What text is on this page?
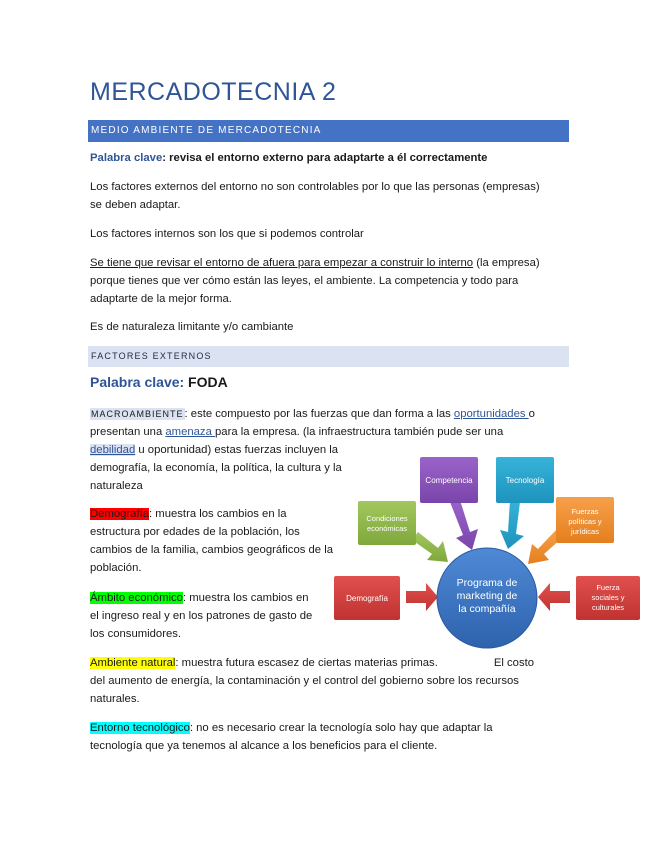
MERCADOTECNIA 2
MEDIO AMBIENTE DE MERCADOTECNIA

Palabra clave: revisa el entorno externo para adaptarte a él correctamente

Los factores externos del entorno no son controlables por lo que las personas (empresas)
se deben adaptar.

Los factores internos son los que si podemos controlar

Se tiene que revisar el entorno de afuera para empezar a construir lo interno (la empresa)
porque tienes que ver cómo están las leyes, el ambiente. La competencia y todo para
adaptarte de la mejor forma.

Es de naturaleza limitante y/o cambiante

FACTORES EXTERNOS
Palabra clave: FODA

MACROAMBIENTE: este compuesto por las fuerzas que dan forma a las oportunidades o
presentan una amenaza para la empresa. (la infraestructura también pude ser una
debilidad u oportunidad) estas fuerzas incluyen la
demografía, la economía, la política, la cultura y la
naturaleza

Demografía: muestra los cambios en la
estructura por edades de la población, los
cambios de la familia, cambios geográficos de la
población.

Ámbito económico: muestra los cambios en
el ingreso real y en los patrones de gasto de
los consumidores.

Ambiente natural: muestra futura escasez de ciertas materias primas.	El costo
del aumento de energía, la contaminación y el control del gobierno sobre los recursos
naturales.

Entorno tecnológico: no es necesario crear la tecnología solo hay que adaptar la
tecnología que ya tenemos al alcance a los beneficios para el cliente.

Programa de
marketing de
la compañía
Competencia	Tecnología
Condiciones
económicas
Fuerzas
políticas y
jurídicas
Demografía
Fuerza
sociales y
culturales
